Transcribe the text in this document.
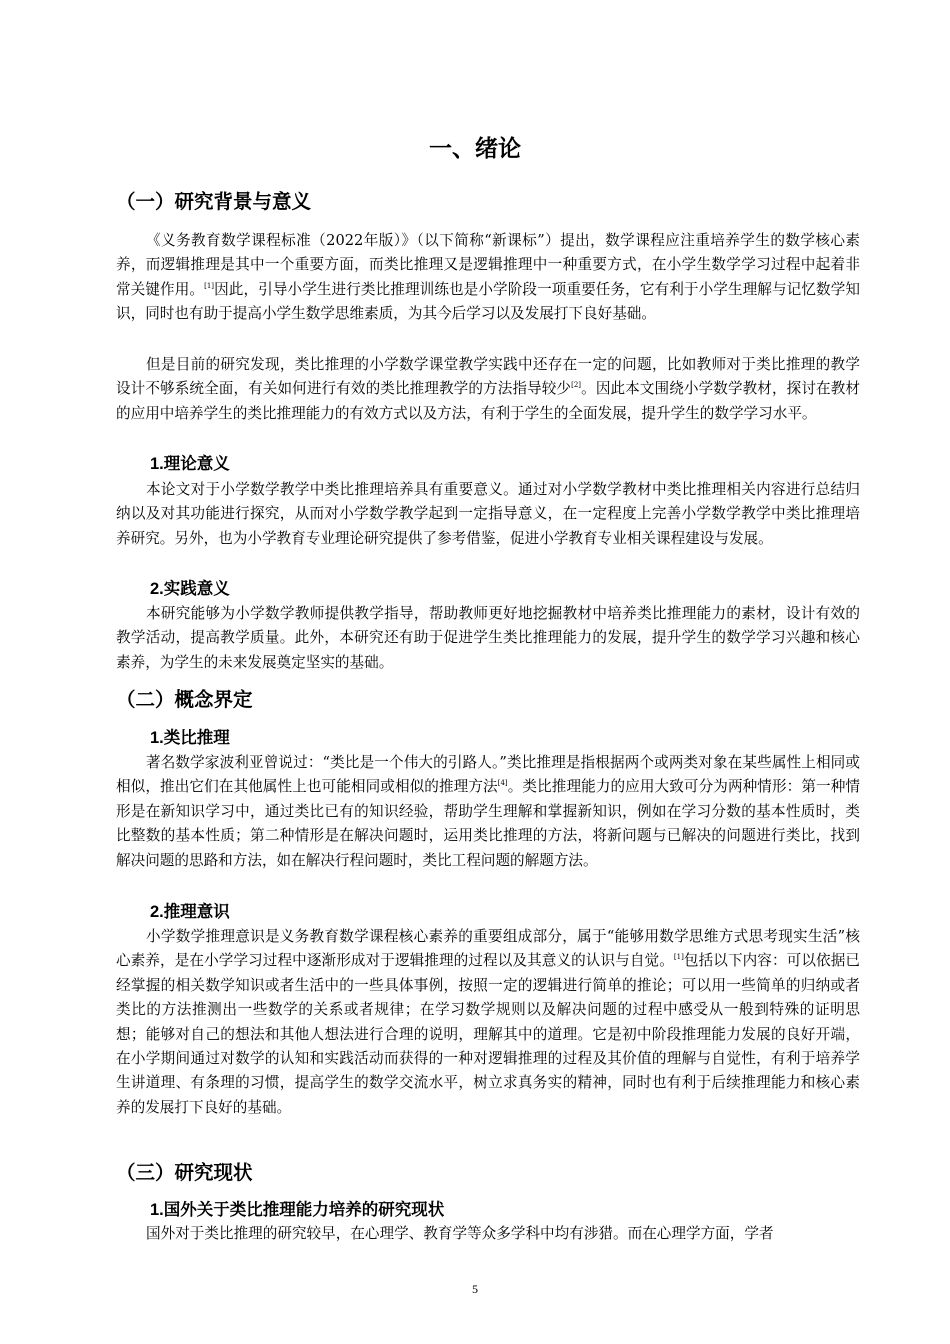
一、绪论
（一）研究背景与意义

《义务教育数学课程标准（2022年版）》（以下简称“新课标”）提出，数学课程应注重培养学生的数学核心素养，而逻辑推理是其中一个重要方面，而类比推理又是逻辑推理中一种重要方式，在小学生数学学习过程中起着非常关键作用。[1]因此，引导小学生进行类比推理训练也是小学阶段一项重要任务，它有利于小学生理解与记忆数学知识，同时也有助于提高小学生数学思维素质，为其今后学习以及发展打下良好基础。

但是目前的研究发现，类比推理的小学数学课堂教学实践中还存在一定的问题，比如教师对于类比推理的教学设计不够系统全面，有关如何进行有效的类比推理教学的方法指导较少[2]。因此本文围绕小学数学教材，探讨在教材的应用中培养学生的类比推理能力的有效方式以及方法，有利于学生的全面发展，提升学生的数学学习水平。

1.理论意义

本论文对于小学数学教学中类比推理培养具有重要意义。通过对小学数学教材中类比推理相关内容进行总结归纳以及对其功能进行探究，从而对小学数学教学起到一定指导意义，在一定程度上完善小学数学教学中类比推理培养研究。另外，也为小学教育专业理论研究提供了参考借鉴，促进小学教育专业相关课程建设与发展。

2.实践意义

本研究能够为小学数学教师提供教学指导，帮助教师更好地挖掘教材中培养类比推理能力的素材，设计有效的教学活动，提高教学质量。此外，本研究还有助于促进学生类比推理能力的发展，提升学生的数学学习兴趣和核心素养，为学生的未来发展奠定坚实的基础。

（二）概念界定
1.类比推理

著名数学家波利亚曾说过：“类比是一个伟大的引路人。”类比推理是指根据两个或两类对象在某些属性上相同或相似，推出它们在其他属性上也可能相同或相似的推理方法[4]。类比推理能力的应用大致可分为两种情形：第一种情形是在新知识学习中，通过类比已有的知识经验，帮助学生理解和掌握新知识，例如在学习分数的基本性质时，类比整数的基本性质；第二种情形是在解决问题时，运用类比推理的方法，将新问题与已解决的问题进行类比，找到解决问题的思路和方法，如在解决行程问题时，类比工程问题的解题方法。

2.推理意识

小学数学推理意识是义务教育数学课程核心素养的重要组成部分，属于“能够用数学思维方式思考现实生活”核心素养，是在小学学习过程中逐渐形成对于逻辑推理的过程以及其意义的认识与自觉。[1]包括以下内容：可以依据已经掌握的相关数学知识或者生活中的一些具体事例，按照一定的逻辑进行简单的推论；可以用一些简单的归纳或者类比的方法推测出一些数学的关系或者规律；在学习数学规则以及解决问题的过程中感受从一般到特殊的证明思想；能够对自己的想法和其他人想法进行合理的说明，理解其中的道理。它是初中阶段推理能力发展的良好开端，在小学期间通过对数学的认知和实践活动而获得的一种对逻辑推理的过程及其价值的理解与自觉性，有利于培养学生讲道理、有条理的习惯，提高学生的数学交流水平，树立求真务实的精神，同时也有利于后续推理能力和核心素养的发展打下良好的基础。

（三）研究现状
1.国外关于类比推理能力培养的研究现状

国外对于类比推理的研究较早，在心理学、教育学等众多学科中均有涉猎。而在心理学方面，学者

5
